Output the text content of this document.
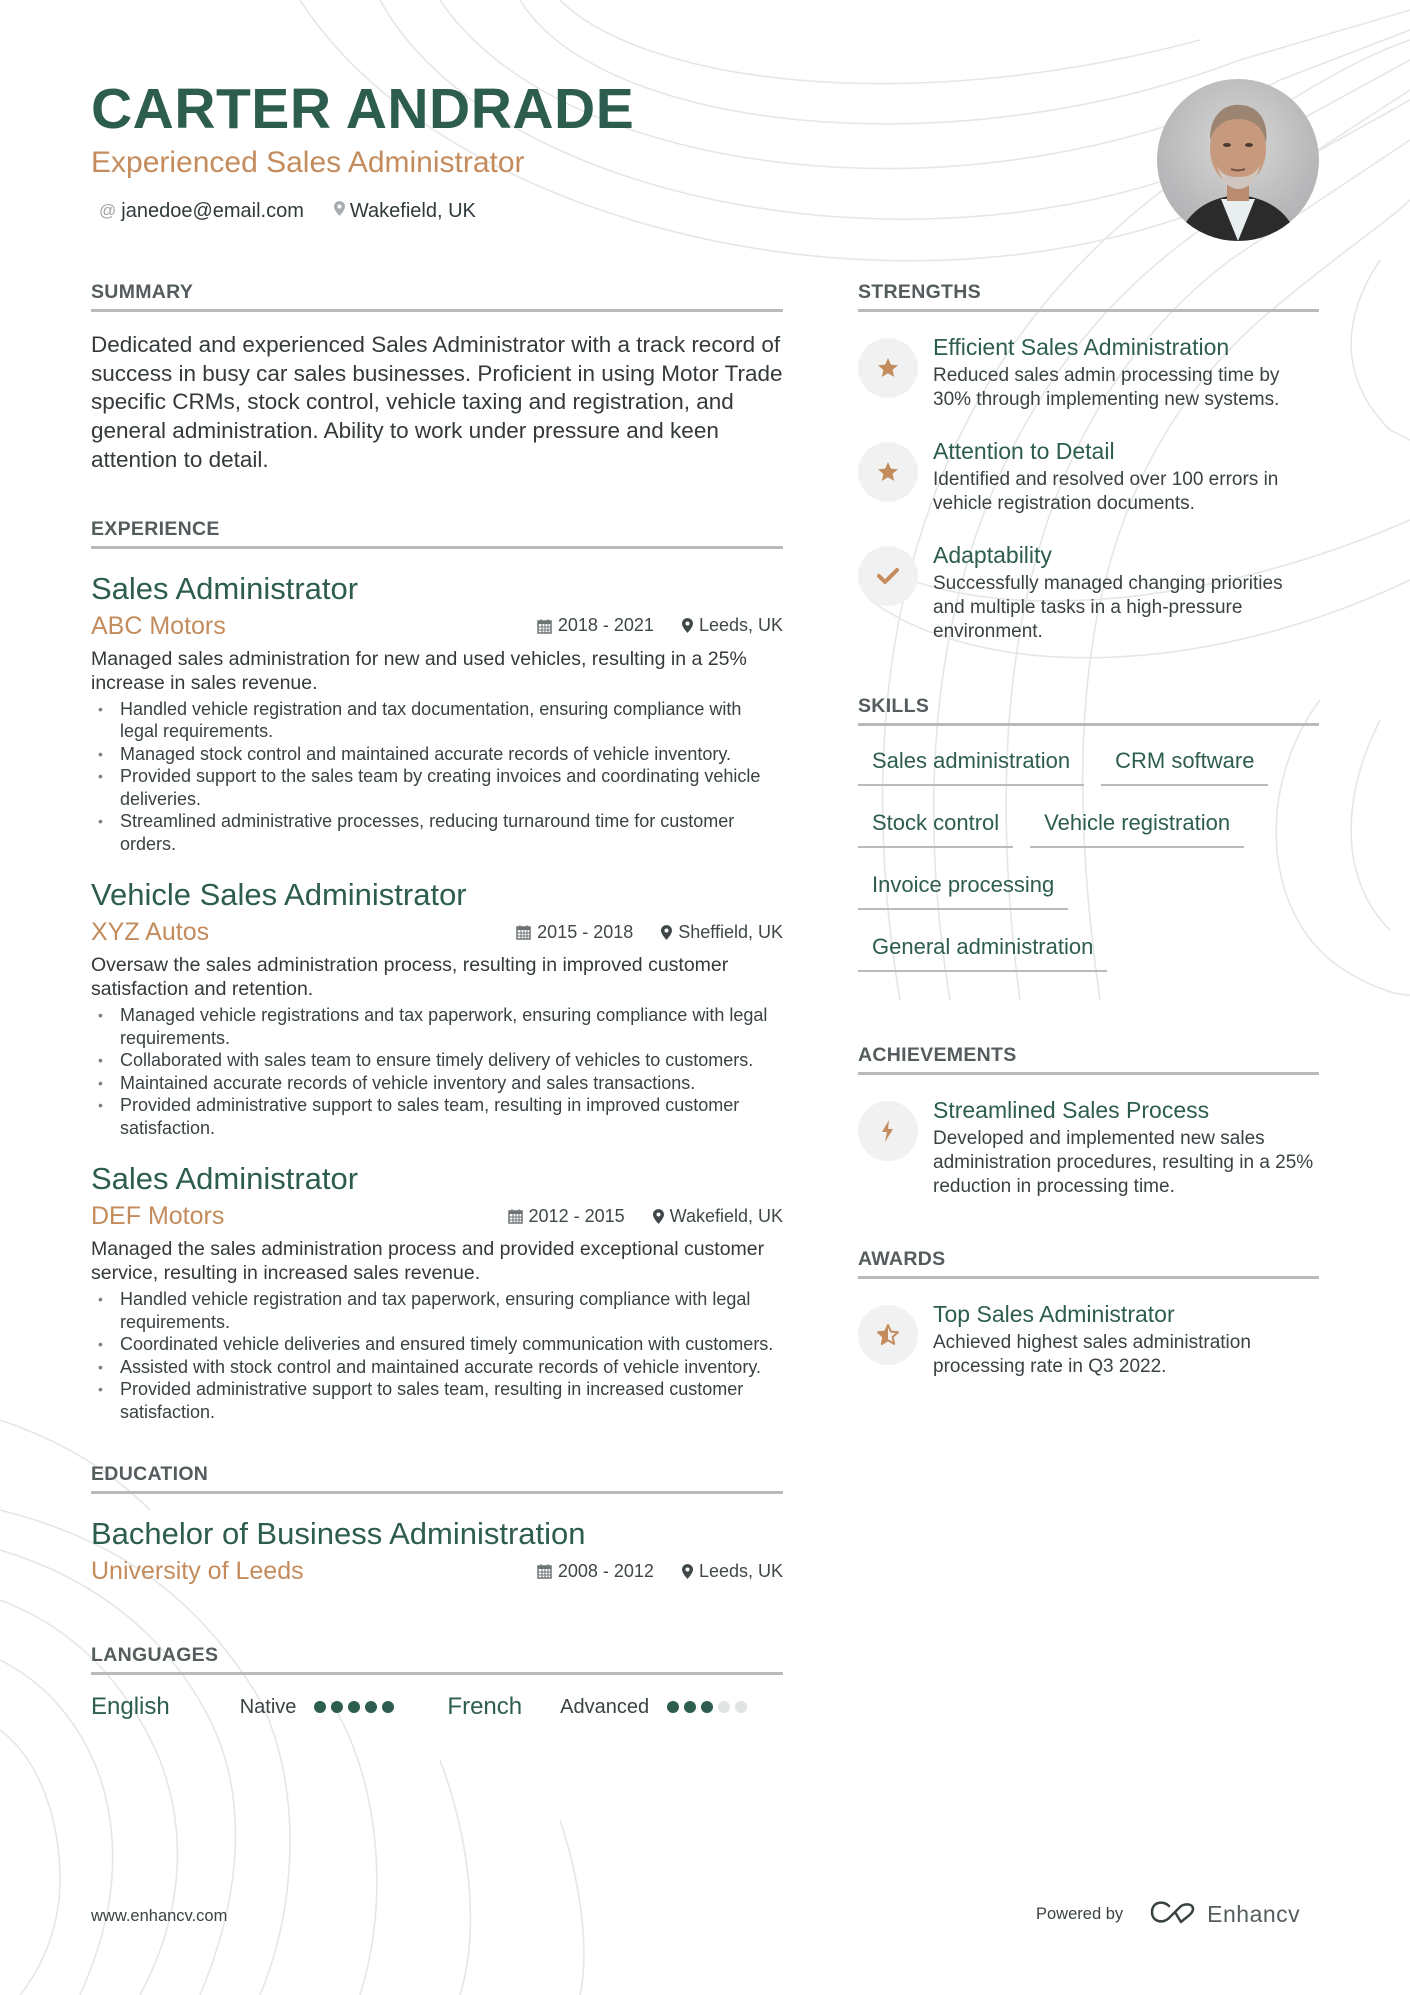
CARTER ANDRADE
Experienced Sales Administrator
@ janedoe@email.com Wakefield, UK
SUMMARY

Dedicated and experienced Sales Administrator with a track record of success in busy car sales businesses. Proficient in using Motor Trade specific CRMs, stock control, vehicle taxing and registration, and general administration. Ability to work under pressure and keen attention to detail.

EXPERIENCE
Sales Administrator
ABC Motors	2018 - 2021	Leeds, UK

Managed sales administration for new and used vehicles, resulting in a 25% increase in sales revenue.

• Handled vehicle registration and tax documentation, ensuring compliance with legal requirements.
• Managed stock control and maintained accurate records of vehicle inventory.
• Provided support to the sales team by creating invoices and coordinating vehicle deliveries.
• Streamlined administrative processes, reducing turnaround time for customer orders.
Vehicle Sales Administrator
XYZ Autos	2015 - 2018	Sheffield, UK

Oversaw the sales administration process, resulting in improved customer satisfaction and retention.

• Managed vehicle registrations and tax paperwork, ensuring compliance with legal requirements.
• Collaborated with sales team to ensure timely delivery of vehicles to customers.
• Maintained accurate records of vehicle inventory and sales transactions.
• Provided administrative support to sales team, resulting in improved customer satisfaction.
Sales Administrator
DEF Motors	2012 - 2015	Wakefield, UK

Managed the sales administration process and provided exceptional customer service, resulting in increased sales revenue.

• Handled vehicle registration and tax paperwork, ensuring compliance with legal requirements.
• Coordinated vehicle deliveries and ensured timely communication with customers.
• Assisted with stock control and maintained accurate records of vehicle inventory.
• Provided administrative support to sales team, resulting in increased customer satisfaction.
EDUCATION
Bachelor of Business Administration
University of Leeds	2008 - 2012	Leeds, UK
LANGUAGES
English	Native	French Advanced
STRENGTHS
Efficient Sales Administration
Reduced sales admin processing time by 30% through implementing new systems.
Attention to Detail
Identified and resolved over 100 errors in vehicle registration documents.
Adaptability
Successfully managed changing priorities and multiple tasks in a high-pressure environment.
SKILLS
Sales administration	CRM software
Stock control	Vehicle registration
Invoice processing
General administration
ACHIEVEMENTS
Streamlined Sales Process
Developed and implemented new sales administration procedures, resulting in a 25% reduction in processing time.
AWARDS
Top Sales Administrator
Achieved highest sales administration processing rate in Q3 2022.
www.enhancv.com	Powered by	Enhancv
